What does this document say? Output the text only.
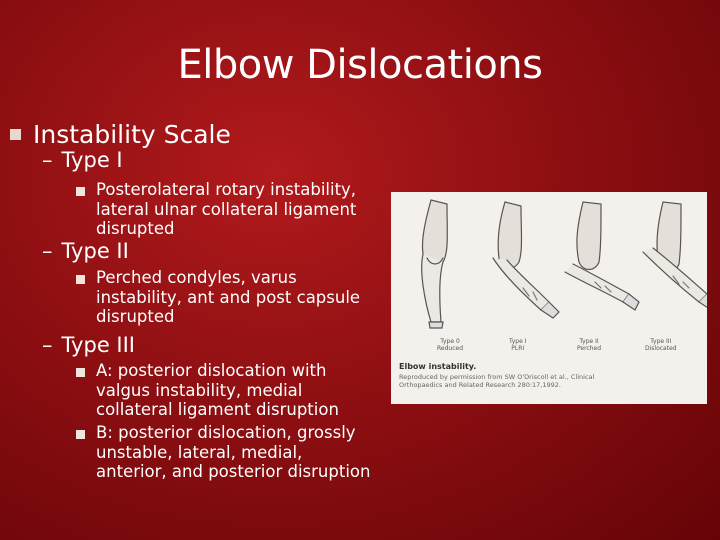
Elbow Dislocations
Instability Scale
– Type I
Posterolateral rotary instability, lateral ulnar collateral ligament disrupted
– Type II
Perched condyles, varus instability, ant and post capsule disrupted
– Type III
A: posterior dislocation with valgus instability, medial collateral ligament disruption
B: posterior dislocation, grossly unstable, lateral, medial, anterior, and posterior disruption
Type 0
Reduced
Type I
PLRI
Type II
Perched
Type III
Dislocated
Elbow instability.
Reproduced by permission from SW O'Driscoll et al., Clinical Orthopaedics and Related Research 280:17,1992.
